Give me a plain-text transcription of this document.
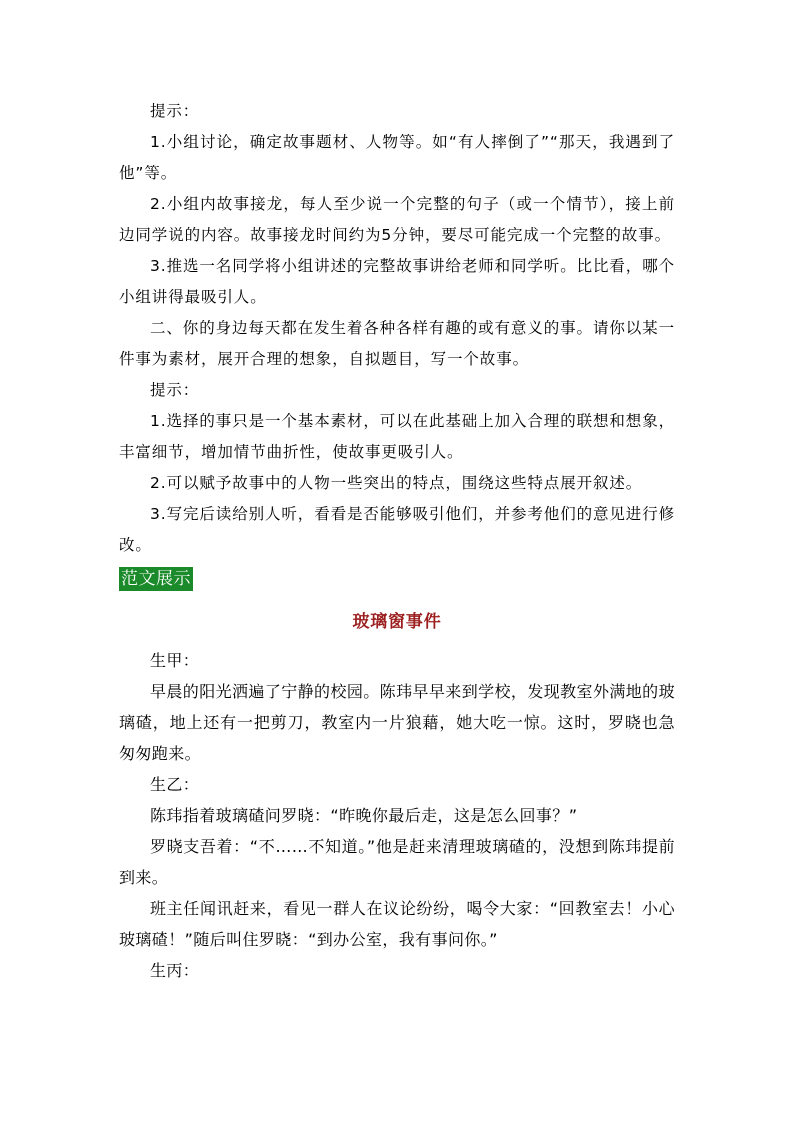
提示：

1.小组讨论，确定故事题材、人物等。如“有人摔倒了”“那天，我遇到了他”等。

2.小组内故事接龙，每人至少说一个完整的句子（或一个情节），接上前边同学说的内容。故事接龙时间约为5分钟，要尽可能完成一个完整的故事。

3.推选一名同学将小组讲述的完整故事讲给老师和同学听。比比看，哪个小组讲得最吸引人。

二、你的身边每天都在发生着各种各样有趣的或有意义的事。请你以某一件事为素材，展开合理的想象，自拟题目，写一个故事。

提示：

1.选择的事只是一个基本素材，可以在此基础上加入合理的联想和想象，丰富细节，增加情节曲折性，使故事更吸引人。

2.可以赋予故事中的人物一些突出的特点，围绕这些特点展开叙述。

3.写完后读给别人听，看看是否能够吸引他们，并参考他们的意见进行修改。

范文展示
玻璃窗事件

生甲：

早晨的阳光洒遍了宁静的校园。陈玮早早来到学校，发现教室外满地的玻璃碴，地上还有一把剪刀，教室内一片狼藉，她大吃一惊。这时，罗晓也急匆匆跑来。

生乙：

陈玮指着玻璃碴问罗晓：“昨晚你最后走，这是怎么回事？”

罗晓支吾着：“不……不知道。”他是赶来清理玻璃碴的，没想到陈玮提前到来。

班主任闻讯赶来，看见一群人在议论纷纷，喝令大家：“回教室去！小心玻璃碴！”随后叫住罗晓：“到办公室，我有事问你。”

生丙：
